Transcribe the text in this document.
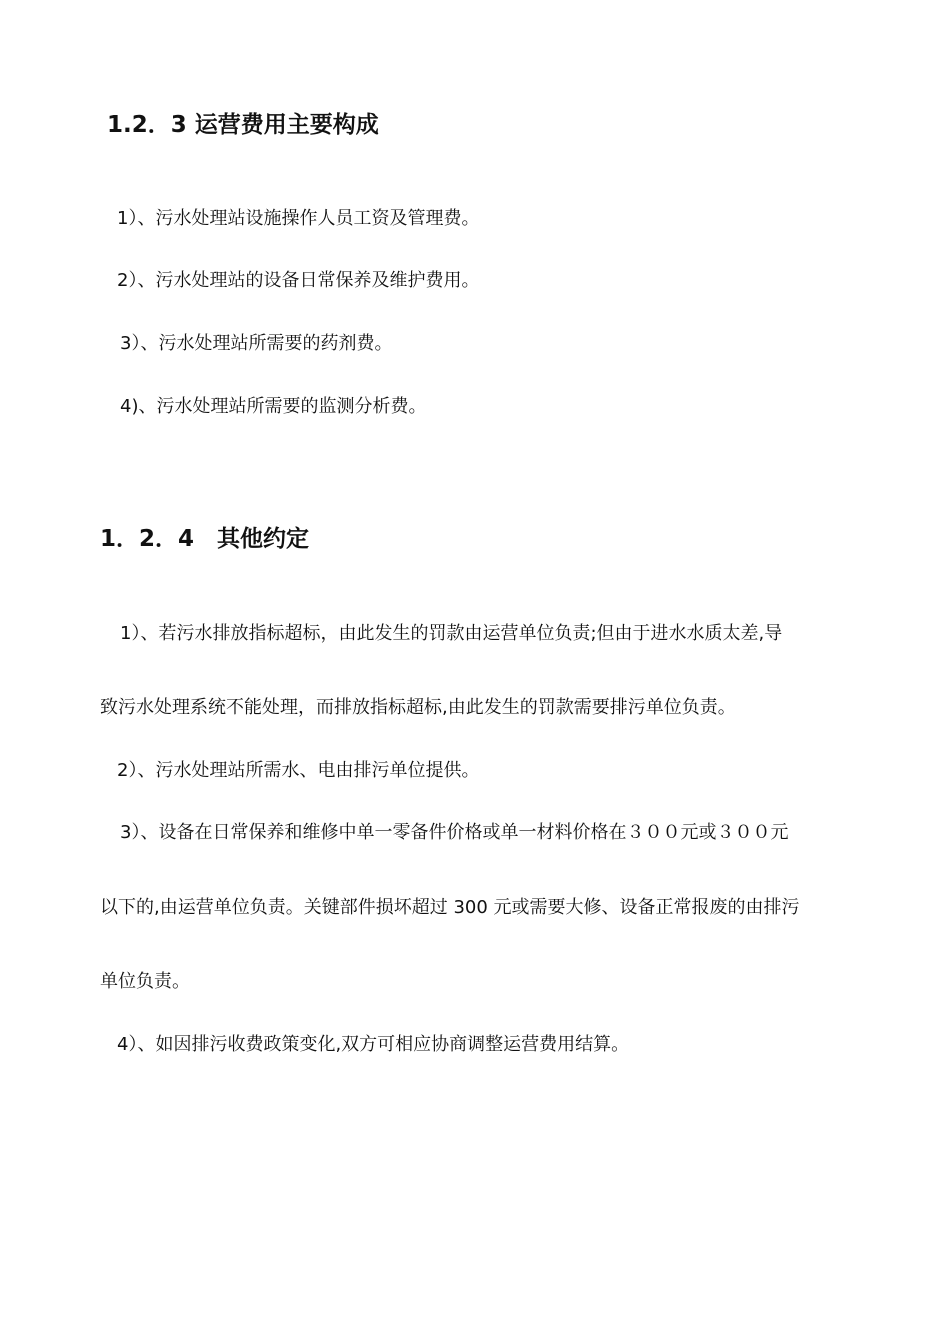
1.2．3 运营费用主要构成
1）、污水处理站设施操作人员工资及管理费。
2）、污水处理站的设备日常保养及维护费用。
3）、污水处理站所需要的药剂费。
4)、污水处理站所需要的监测分析费。
1．2．4　其他约定
1）、若污水排放指标超标，由此发生的罚款由运营单位负责;但由于进水水质太差,导
致污水处理系统不能处理，而排放指标超标,由此发生的罚款需要排污单位负责。
2）、污水处理站所需水、电由排污单位提供。
3）、设备在日常保养和维修中单一零备件价格或单一材料价格在３００元或３００元
以下的,由运营单位负责。关键部件损坏超过 300 元或需要大修、设备正常报废的由排污
单位负责。
4）、如因排污收费政策变化,双方可相应协商调整运营费用结算。
